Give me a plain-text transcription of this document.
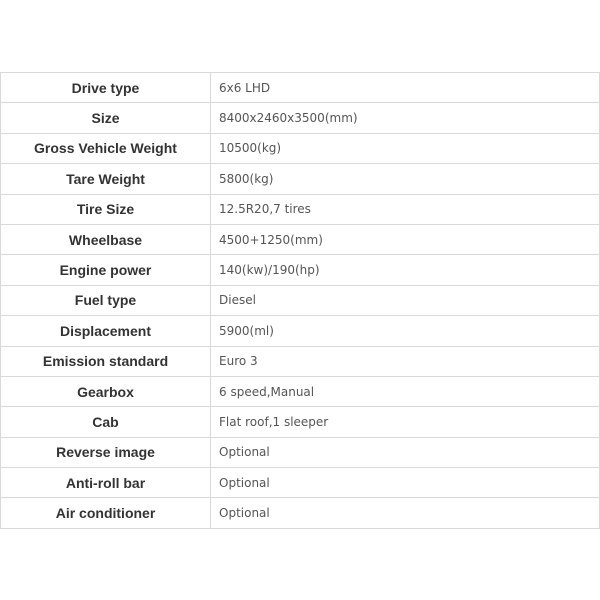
Drive type	6x6 LHD
Size	8400x2460x3500(mm)
Gross Vehicle Weight	10500(kg)
Tare Weight	5800(kg)
Tire Size	12.5R20,7 tires
Wheelbase	4500+1250(mm)
Engine power	140(kw)/190(hp)
Fuel type	Diesel
Displacement	5900(ml)
Emission standard	Euro 3
Gearbox	6 speed,Manual
Cab	Flat roof,1 sleeper
Reverse image	Optional
Anti-roll bar	Optional
Air conditioner	Optional
